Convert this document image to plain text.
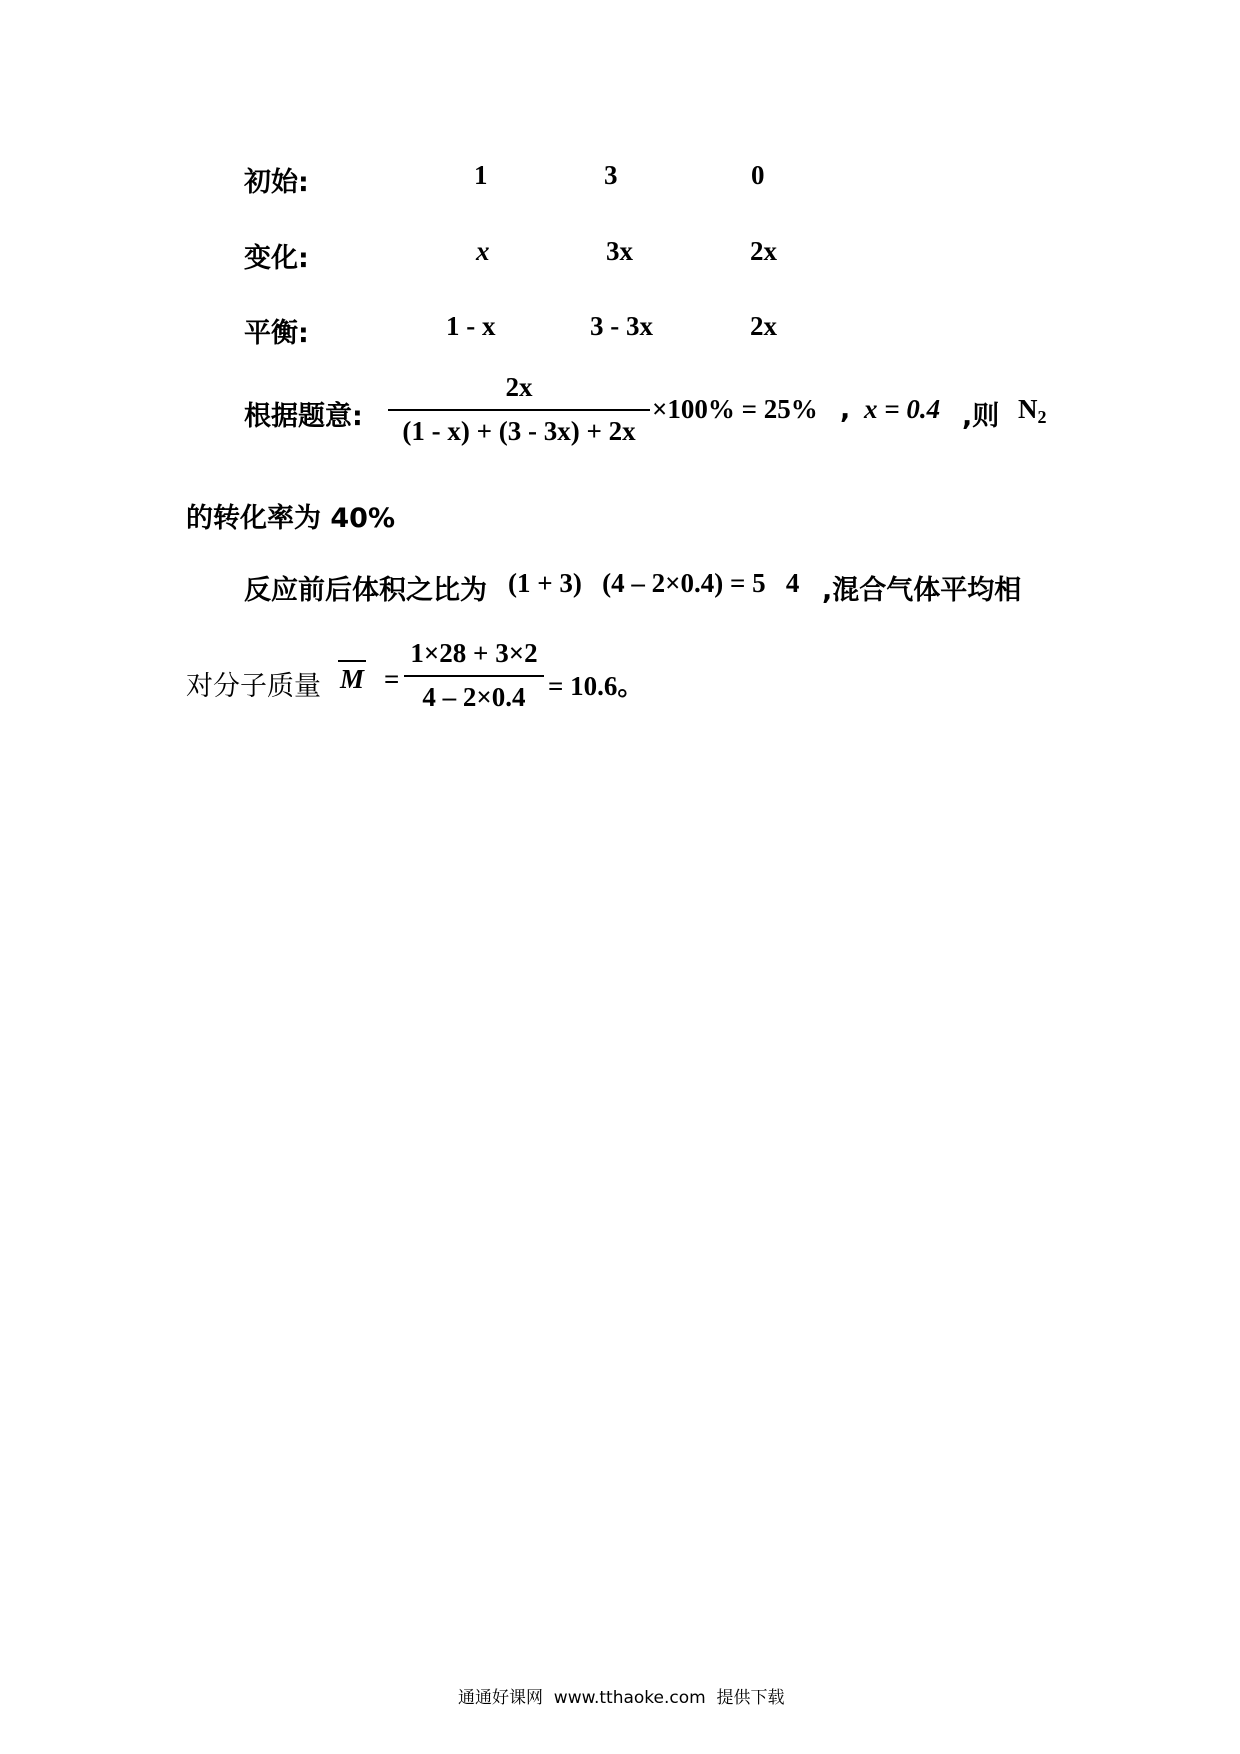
初始:	1	3	0
变化:	x	3x	2x
平衡:	1 - x	3 - 3x	2x
根据题意:
2x
(1 - x) + (3 - 3x) + 2x
×100% = 25% , x = 0.4 ,则 $N_2$
的转化率为 40%
反应前后体积之比为 (1 + 3)   (4 – 2×0.4) = 5   4 ,混合气体平均相
对分子质量 M =
1×28 + 3×2
4 – 2×0.4 = 10.6。
通通好课网  www.tthaoke.com  提供下载
